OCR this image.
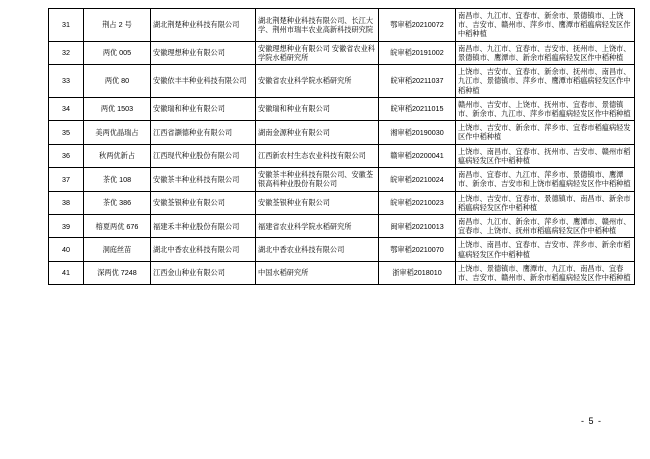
31	荆占 2 号	湖北荆楚种业科技有限公司	湖北荆楚种业科技有限公司、长江大学、荆州市瑞丰农业高新科技研究院	鄂审稻20210072	南昌市、九江市、宜春市、新余市、景德镇市、上饶市、吉安市、赣州市、萍乡市、鹰潭市稻瘟病轻发区作中稻种植
32	两优 005	安徽理想种业有限公司	安徽理想种业有限公司 安徽省农业科学院水稻研究所	皖审稻20191002	南昌市、九江市、宜春市、吉安市、抚州市、上饶市、景德镇市、鹰潭市、新余市稻瘟病轻发区作中稻种植
33	两优 80	安徽依丰丰种业科技有限公司	安徽省农业科学院水稻研究所	皖审稻20211037	上饶市、吉安市、宜春市、新余市、抚州市、南昌市、九江市、景德镇市、萍乡市、鹰潭市稻瘟病轻发区作中稻种植
34	两优 1503	安徽瑞和种业有限公司	安徽瑞和种业有限公司	皖审稻20211015	赣州市、吉安市、上饶市、抚州市、宜春市、景德镇市、新余市、九江市、萍乡市稻瘟病轻发区作中稻种植
35	美两优晶瑞占	江西省灏德种业有限公司	湖南金源种业有限公司	湘审稻20190030	上饶市、吉安市、新余市、萍乡市、宜春市稻瘟病轻发区作中稻种植
36	秋两优新占	江西现代种业股份有限公司	江西新农村生态农业科技有限公司	赣审稻20200041	上饶市、南昌市、宜春市、抚州市、吉安市、赣州市稻瘟病轻发区作中稻种植
37	茶优 108	安徽茶丰种业科技有限公司	安徽茶丰种业科技有限公司、安徽荃银高科种业股份有限公司	皖审稻20210024	南昌市、宜春市、九江市、萍乡市、景德镇市、鹰潭市、新余市、吉安市和上饶市稻瘟病轻发区作中稻种植
38	茶优 386	安徽荃银种业有限公司	安徽荃银种业有限公司	皖审稻20210023	上饶市、吉安市、宜春市、景德镇市、南昌市、新余市稻瘟病轻发区作中稻种植
39	榕夏两优 676	福建禾丰种业股份有限公司	福建省农业科学院水稻研究所	闽审稻20210013	南昌市、九江市、新余市、萍乡市、鹰潭市、赣州市、宜春市、上饶市、抚州市稻瘟病轻发区作中稻种植
40	洞庭丝苗	湖北中香农业科技有限公司	湖北中香农业科技有限公司	鄂审稻20210070	上饶市、南昌市、宜春市、吉安市、萍乡市、新余市稻瘟病轻发区作中稻种植
41	深两优 7248	江西金山种业有限公司	中国水稻研究所	浙审稻2018010	上饶市、景德镇市、鹰潭市、九江市、南昌市、宜春市、吉安市、赣州市、新余市稻瘟病轻发区作中稻种植
- 5 -
